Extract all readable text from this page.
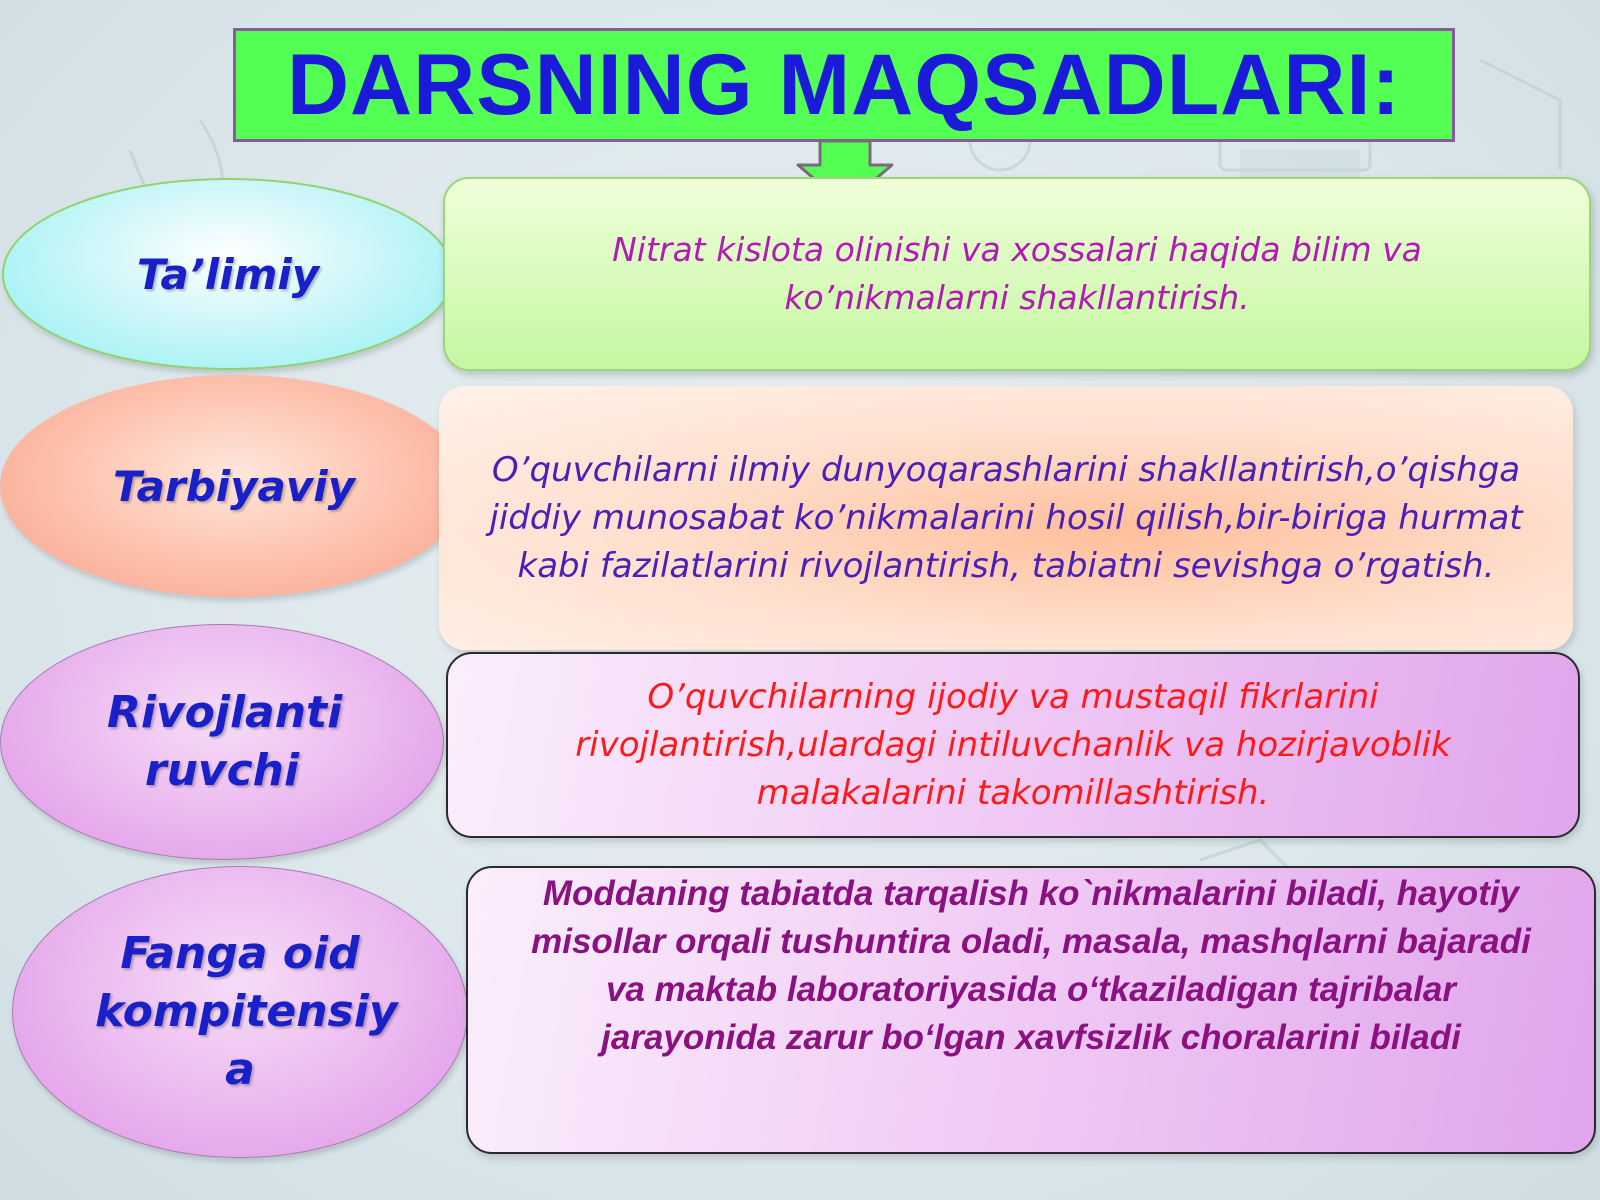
DARSNING MAQSADLARI:
Ta’limiy	Nitrat kislota olinishi va xossalari haqida bilim va ko’nikmalarni shakllantirish.
Tarbiyaviy	O’quvchilarni ilmiy dunyoqarashlarini shakllantirish,o’qishga jiddiy munosabat ko’nikmalarini hosil qilish,bir-biriga hurmat kabi fazilatlarini rivojlantirish, tabiatni sevishga o’rgatish.
Rivojlanti ruvchi
O’quvchilarning ijodiy va mustaqil fikrlarini rivojlantirish,ulardagi intiluvchanlik va hozirjavoblik malakalarini takomillashtirish.
Fanga oid kompitensiy a
Moddaning tabiatda tarqalish ko`nikmalarini biladi, hayotiy misollar orqali tushuntira oladi, masala, mashqlarni bajaradi va maktab laboratoriyasida o‘tkaziladigan tajribalar jarayonida zarur bo‘lgan xavfsizlik choralarini biladi
